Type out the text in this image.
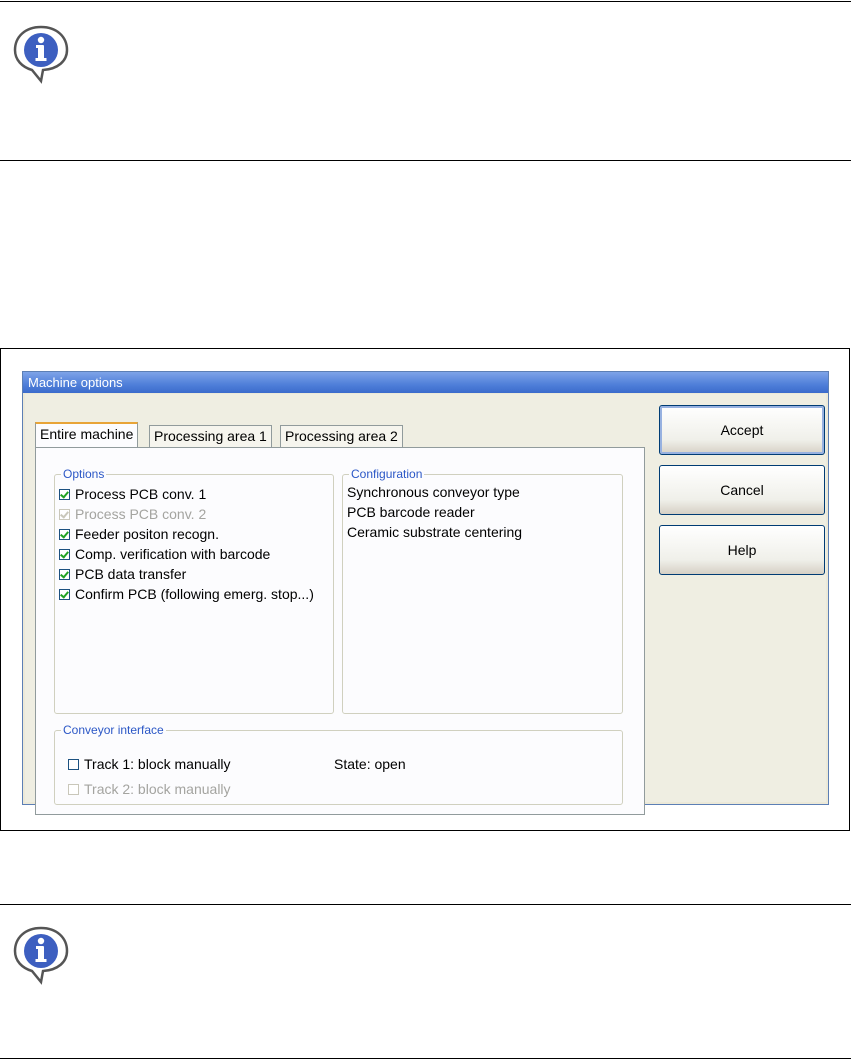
Machine options
Entire machine	Processing area 1	Processing area 2
Options
Process PCB conv. 1
Process PCB conv. 2
Feeder positon recogn.
Comp. verification with barcode
PCB data transfer
Confirm PCB (following emerg. stop...)
Configuration
Synchronous conveyor type
PCB barcode reader
Ceramic substrate centering
Conveyor interface
Track 1: block manually
Track 2: block manually
State: open
Accept
Cancel
Help
